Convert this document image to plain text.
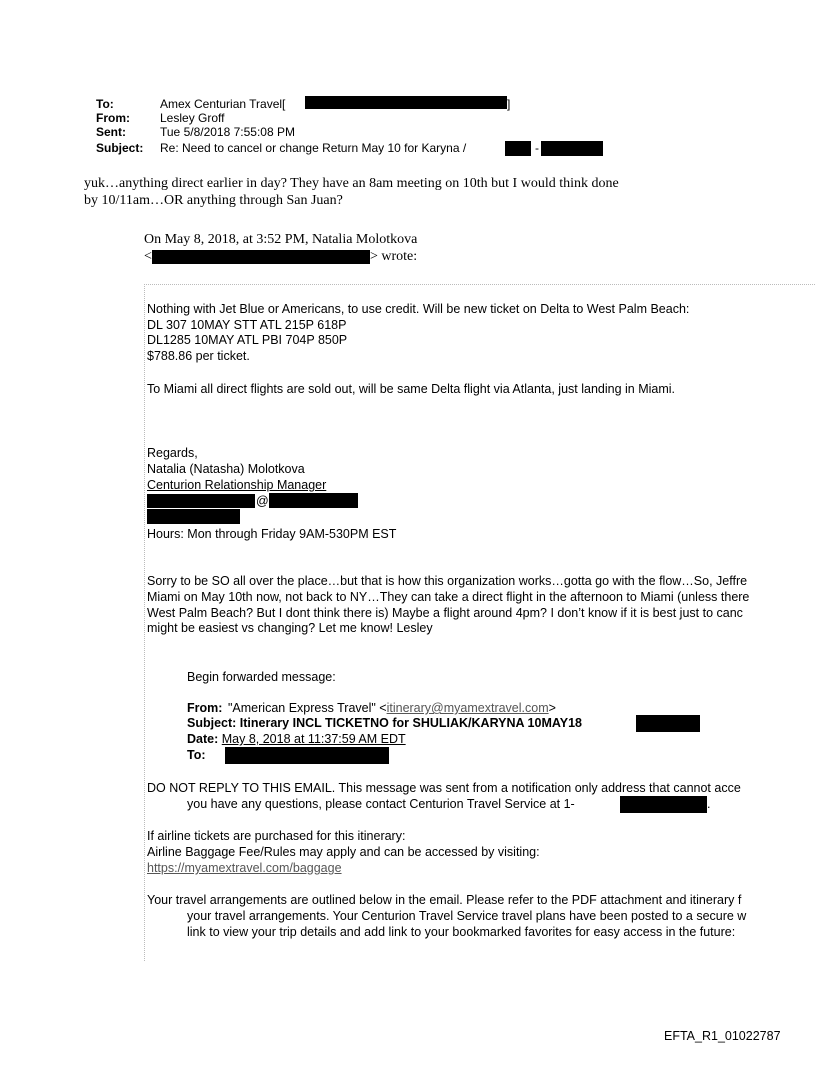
To:	Amex Centurian Travel[	]
From:	Lesley Groff
Sent:	Tue 5/8/2018 7:55:08 PM
Subject: Re: Need to cancel or change Return May 10 for Karyna /	-
yuk…anything direct earlier in day? They have an 8am meeting on 10th but I would think done
by 10/11am…OR anything through San Juan?
On May 8, 2018, at 3:52 PM, Natalia Molotkova
<	> wrote:
Nothing with Jet Blue or Americans, to use credit. Will be new ticket on Delta to West Palm Beach:
DL 307 10MAY STT ATL 215P 618P
DL1285 10MAY ATL PBI 704P 850P
$788.86 per ticket.
To Miami all direct flights are sold out, will be same Delta flight via Atlanta, just landing in Miami.
Regards,
Natalia (Natasha) Molotkova
Centurion Relationship Manager
@
Hours: Mon through Friday 9AM-530PM EST
Sorry to be SO all over the place…but that is how this organization works…gotta go with the flow…So, Jeffre
Miami on May 10th now, not back to NY…They can take a direct flight in the afternoon to Miami (unless there
West Palm Beach? But I dont think there is) Maybe a flight around 4pm? I don’t know if it is best just to canc
might be easiest vs changing? Let me know! Lesley
Begin forwarded message:
From: "American Express Travel" <itinerary@myamextravel.com>
Subject: Itinerary INCL TICKETNO for SHULIAK/KARYNA 10MAY18
Date: May 8, 2018 at 11:37:59 AM EDT
To:
DO NOT REPLY TO THIS EMAIL. This message was sent from a notification only address that cannot acce
you have any questions, please contact Centurion Travel Service at 1-	.
If airline tickets are purchased for this itinerary:
Airline Baggage Fee/Rules may apply and can be accessed by visiting:
https://myamextravel.com/baggage
Your travel arrangements are outlined below in the email. Please refer to the PDF attachment and itinerary f
your travel arrangements. Your Centurion Travel Service travel plans have been posted to a secure w
link to view your trip details and add link to your bookmarked favorites for easy access in the future:
EFTA_R1_01022787
